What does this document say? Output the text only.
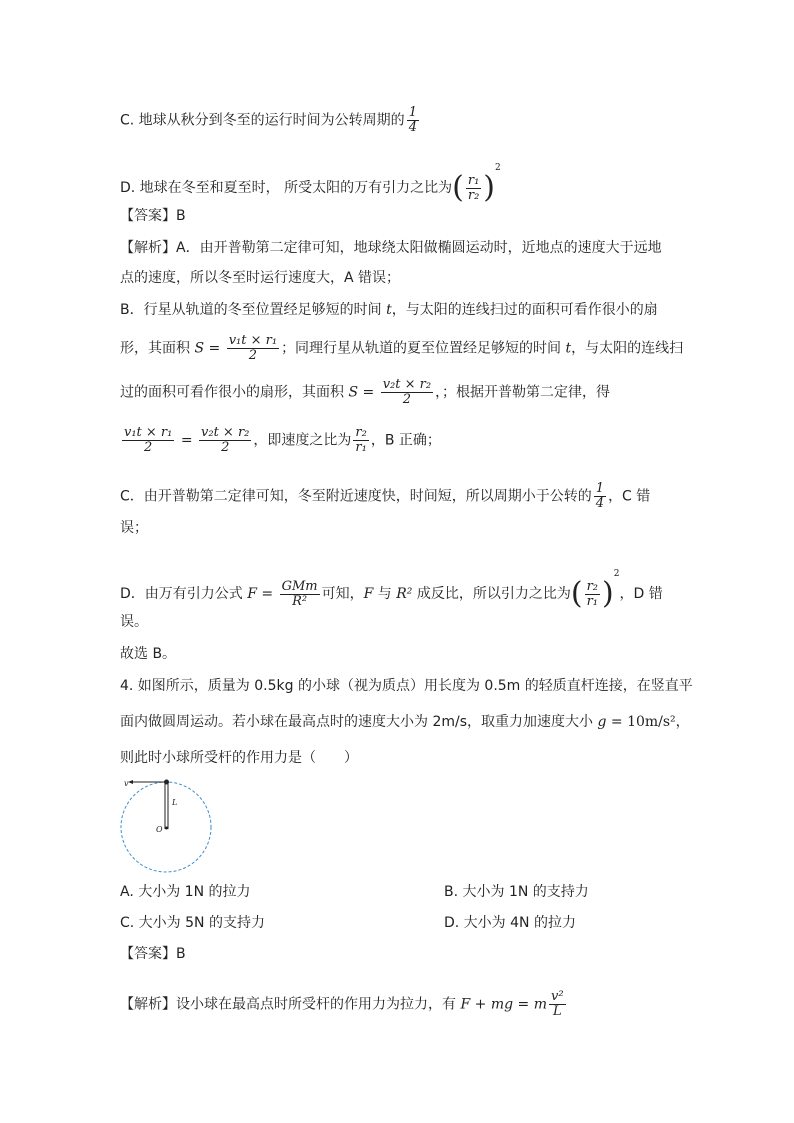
C. 地球从秋分到冬至的运行时间为公转周期的 $\frac{1}{4}$
D. 地球在冬至和夏至时， 所受太阳的万有引力之比为( $\frac{\text{r₁}}{\text{r₂}} )^2$
【答案】B
【解析】A．由开普勒第二定律可知，地球绕太阳做椭圆运动时，近地点的速度大于远地
点的速度，所以冬至时运行速度大，A 错误；
B．行星从轨道的冬至位置经足够短的时间 t，与太阳的连线扫过的面积可看作很小的扇
形，其面积 $S = \frac{\text{v₁t × r₁}}{2}$ ；同理行星从轨道的夏至位置经足够短的时间 t，与太阳的连线扫
过的面积可看作很小的扇形，其面积 $S = \frac{\text{v₂t × r₂}}{2}$ ，；根据开普勒第二定律，得
$\frac{\text{v₁t × r₁}}{2} = \frac{\text{v₂t × r₂}}{2}$ ，即速度之比为 $\frac{\text{r₂}}{\text{r₁}}$ ，B 正确；
C．由开普勒第二定律可知，冬至附近速度快，时间短，所以周期小于公转的 $\frac{1}{4}$ ，C 错
误；
D．由万有引力公式 $F = \frac{\text{GMm}}{\text{R²}}$ 可知，F 与 R² 成反比，所以引力之比为( $\frac{\text{r₂}}{\text{r₁}} )^2$，D 错
误。
故选 B。
4. 如图所示，质量为 0.5kg 的小球（视为质点）用长度为 0.5m 的轻质直杆连接，在竖直平
面内做圆周运动。若小球在最高点时的速度大小为 2m/s，取重力加速度大小 g = 10m/s²，
则此时小球所受杆的作用力是（　　）
v
L
O
A. 大小为 1N 的拉力	B. 大小为 1N 的支持力
C. 大小为 5N 的支持力	D. 大小为 4N 的拉力
【答案】B
【解析】设小球在最高点时所受杆的作用力为拉力，有 F + mg = m $\frac{\text{v²}}{L}$
